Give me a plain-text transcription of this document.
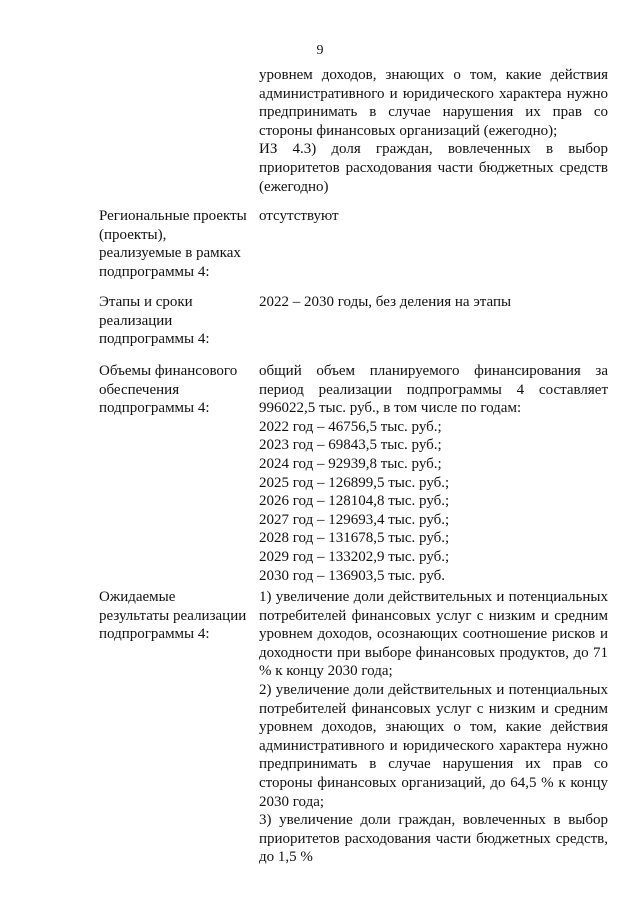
9

уровнем доходов, знающих о том, какие действия административного и юридического характера нужно предпринимать в случае нарушения их прав со стороны финансовых организаций (ежегодно);

ИЗ 4.3) доля граждан, вовлеченных в выбор приоритетов расходования части бюджетных средств (ежегодно)

Региональные проекты (проекты), реализуемые в рамках подпрограммы 4:

отсутствуют

Этапы и сроки реализации подпрограммы 4:

2022 – 2030 годы, без деления на этапы

Объемы финансового обеспечения подпрограммы 4:

общий объем планируемого финансирования за период реализации подпрограммы 4 составляет 996022,5 тыс. руб., в том числе по годам:

2022 год – 46756,5 тыс. руб.;
2023 год – 69843,5 тыс. руб.;
2024 год – 92939,8 тыс. руб.;
2025 год – 126899,5 тыс. руб.;
2026 год – 128104,8 тыс. руб.;
2027 год – 129693,4 тыс. руб.;
2028 год – 131678,5 тыс. руб.;
2029 год – 133202,9 тыс. руб.;
2030 год – 136903,5 тыс. руб.
Ожидаемые результаты реализации подпрограммы 4:

1) увеличение доли действительных и потенциальных потребителей финансовых услуг с низким и средним уровнем доходов, осознающих соотношение рисков и доходности при выборе финансовых продуктов, до 71 % к концу 2030 года;

2) увеличение доли действительных и потенциальных потребителей финансовых услуг с низким и средним уровнем доходов, знающих о том, какие действия административного и юридического характера нужно предпринимать в случае нарушения их прав со стороны финансовых организаций, до 64,5 % к концу 2030 года;

3) увеличение доли граждан, вовлеченных в выбор приоритетов расходования части бюджетных средств, до 1,5 %
